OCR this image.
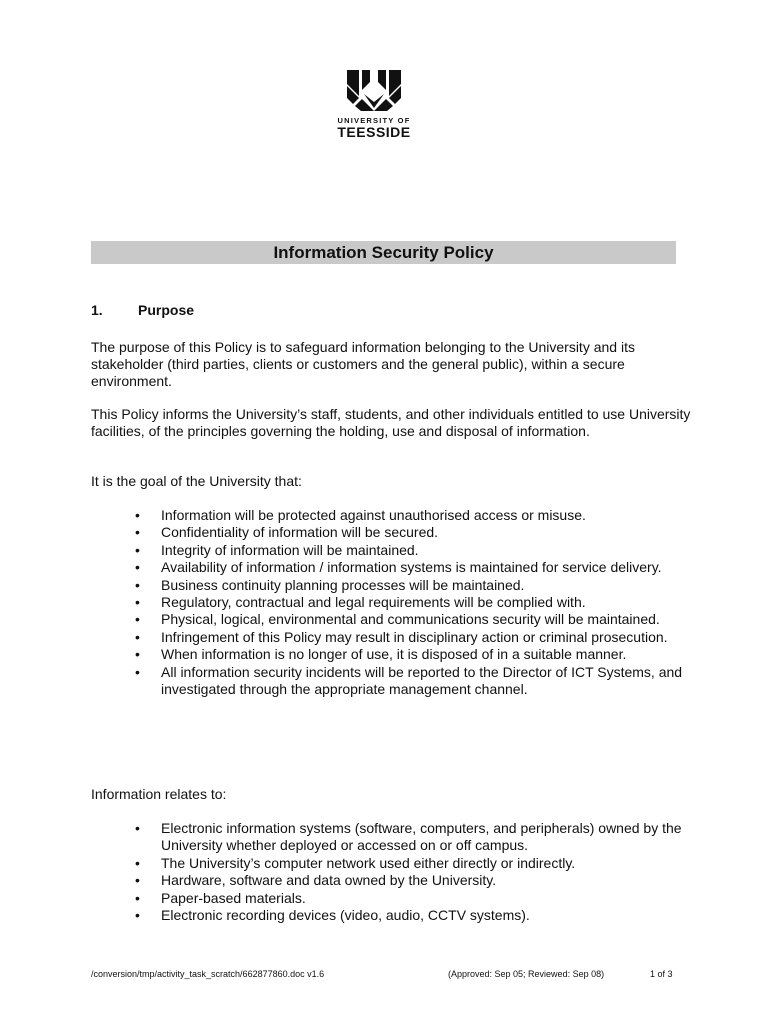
UNIVERSITY OF
TEESSIDE
Information Security Policy
1.	Purpose

The purpose of this Policy is to safeguard information belonging to the University and its stakeholder (third parties, clients or customers and the general public), within a secure environment.

This Policy informs the University’s staff, students, and other individuals entitled to use University facilities, of the principles governing the holding, use and disposal of information.

It is the goal of the University that:

• Information will be protected against unauthorised access or misuse.
• Confidentiality of information will be secured.
• Integrity of information will be maintained.
• Availability of information / information systems is maintained for service delivery.
• Business continuity planning processes will be maintained.
• Regulatory, contractual and legal requirements will be complied with.
• Physical, logical, environmental and communications security will be maintained.
• Infringement of this Policy may result in disciplinary action or criminal prosecution.
• When information is no longer of use, it is disposed of in a suitable manner.
• All information security incidents will be reported to the Director of ICT Systems, and investigated through the appropriate management channel.

Information relates to:

• Electronic information systems (software, computers, and peripherals) owned by the University whether deployed or accessed on or off campus.
• The University’s computer network used either directly or indirectly.
• Hardware, software and data owned by the University.
• Paper-based materials.
• Electronic recording devices (video, audio, CCTV systems).
/conversion/tmp/activity_task_scratch/662877860.doc v1.6	(Approved: Sep 05; Reviewed: Sep 08)	1 of 3
